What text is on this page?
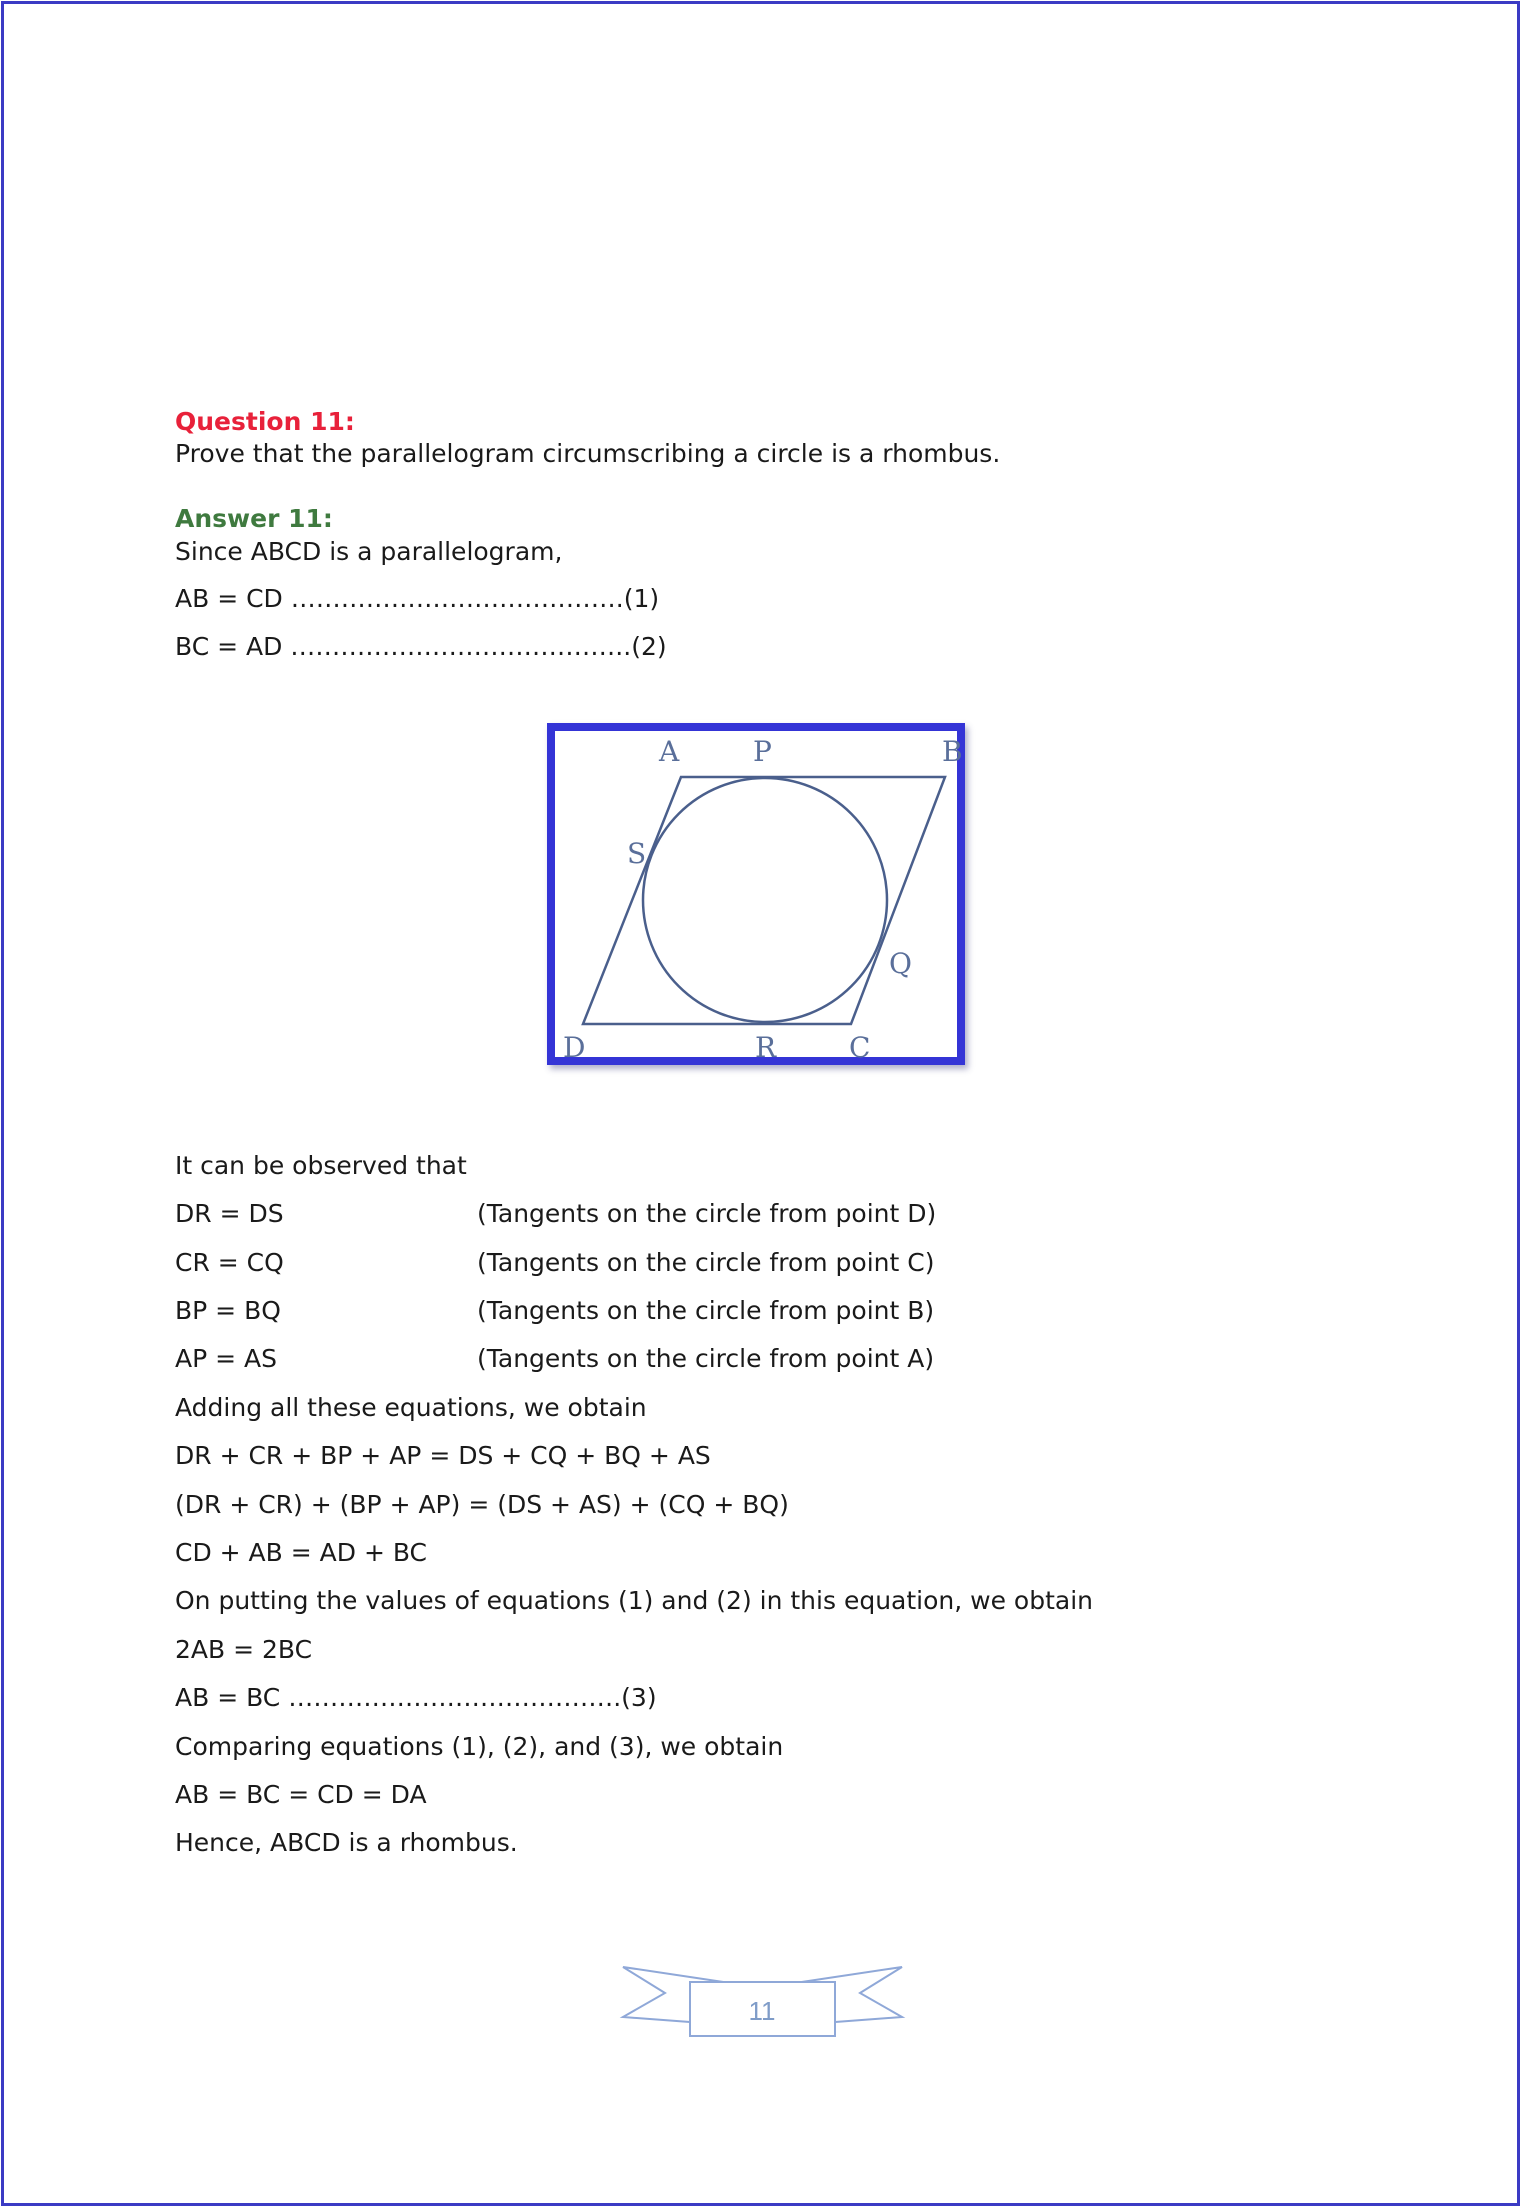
Question 11:
Prove that the parallelogram circumscribing a circle is a rhombus.
Answer 11:
Since ABCD is a parallelogram,
AB = CD ………………………………….(1)
BC = AD …………………………………..(2)
A	P	B
S
Q
D	R	C
It can be observed that
DR = DS	(Tangents on the circle from point D)
CR = CQ	(Tangents on the circle from point C)
BP = BQ	(Tangents on the circle from point B)
AP = AS	(Tangents on the circle from point A)
Adding all these equations, we obtain
DR + CR + BP + AP = DS + CQ + BQ + AS
(DR + CR) + (BP + AP) = (DS + AS) + (CQ + BQ)
CD + AB = AD + BC
On putting the values of equations (1) and (2) in this equation, we obtain
2AB = 2BC
AB = BC ………………………………….(3)
Comparing equations (1), (2), and (3), we obtain
AB = BC = CD = DA
Hence, ABCD is a rhombus.
11
